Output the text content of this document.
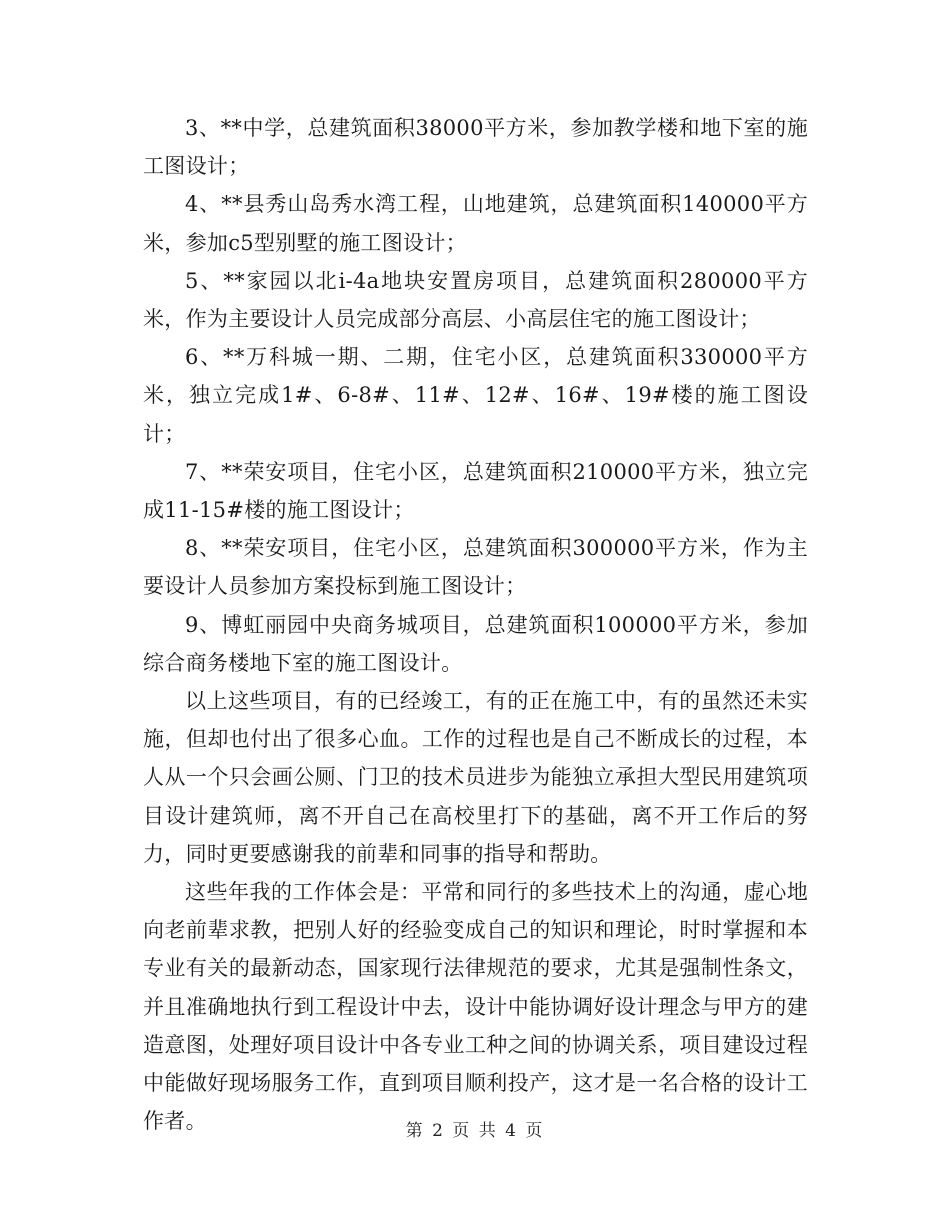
3、**中学，总建筑面积38000平方米，参加教学楼和地下室的施工图设计；

4、**县秀山岛秀水湾工程，山地建筑，总建筑面积140000平方米，参加c5型别墅的施工图设计；

5、**家园以北i-4a地块安置房项目，总建筑面积280000平方米，作为主要设计人员完成部分高层、小高层住宅的施工图设计；

6、**万科城一期、二期，住宅小区，总建筑面积330000平方米，独立完成1#、6-8#、11#、12#、16#、19#楼的施工图设计；

7、**荣安项目，住宅小区，总建筑面积210000平方米，独立完成11-15#楼的施工图设计；

8、**荣安项目，住宅小区，总建筑面积300000平方米，作为主要设计人员参加方案投标到施工图设计；

9、博虹丽园中央商务城项目，总建筑面积100000平方米，参加综合商务楼地下室的施工图设计。

以上这些项目，有的已经竣工，有的正在施工中，有的虽然还未实施，但却也付出了很多心血。工作的过程也是自己不断成长的过程，本人从一个只会画公厕、门卫的技术员进步为能独立承担大型民用建筑项目设计建筑师，离不开自己在高校里打下的基础，离不开工作后的努力，同时更要感谢我的前辈和同事的指导和帮助。

这些年我的工作体会是：平常和同行的多些技术上的沟通，虚心地向老前辈求教，把别人好的经验变成自己的知识和理论，时时掌握和本专业有关的最新动态，国家现行法律规范的要求，尤其是强制性条文，并且准确地执行到工程设计中去，设计中能协调好设计理念与甲方的建造意图，处理好项目设计中各专业工种之间的协调关系，项目建设过程中能做好现场服务工作，直到项目顺利投产，这才是一名合格的设计工作者。	第 2 页 共 4 页
